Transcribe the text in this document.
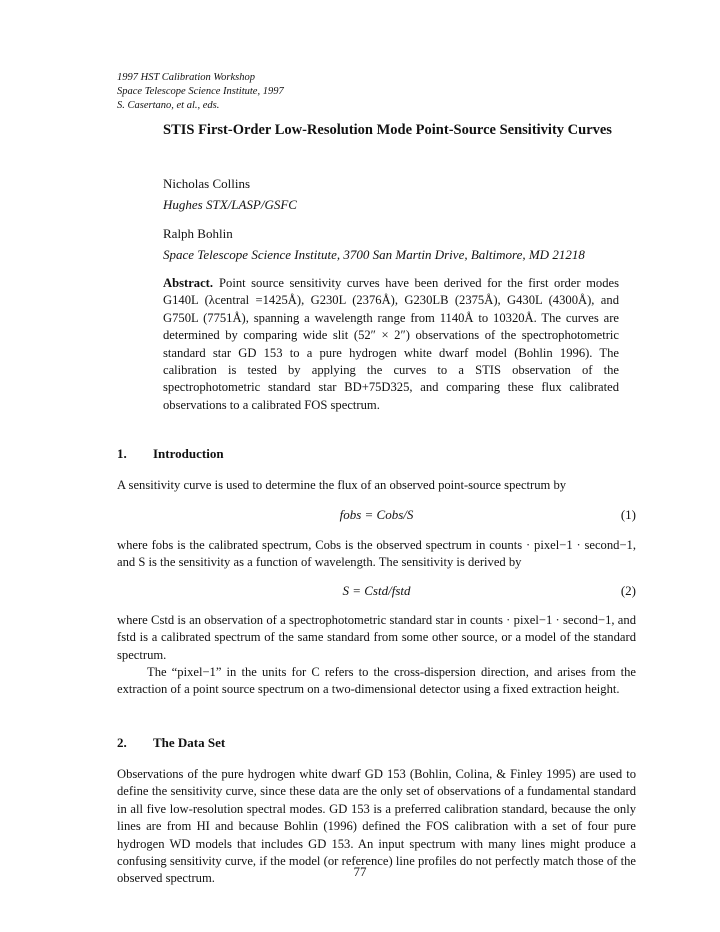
1997 HST Calibration Workshop
Space Telescope Science Institute, 1997
S. Casertano, et al., eds.
STIS First-Order Low-Resolution Mode Point-Source Sensitivity Curves
Nicholas Collins
Hughes STX/LASP/GSFC
Ralph Bohlin
Space Telescope Science Institute, 3700 San Martin Drive, Baltimore, MD 21218
Abstract. Point source sensitivity curves have been derived for the first order modes G140L (λcentral =1425Å), G230L (2376Å), G230LB (2375Å), G430L (4300Å), and G750L (7751Å), spanning a wavelength range from 1140Å to 10320Å. The curves are determined by comparing wide slit (52″ × 2″) observations of the spectrophotometric standard star GD 153 to a pure hydrogen white dwarf model (Bohlin 1996). The calibration is tested by applying the curves to a STIS observation of the spectrophotometric standard star BD+75D325, and comparing these flux calibrated observations to a calibrated FOS spectrum.
1. Introduction
A sensitivity curve is used to determine the flux of an observed point-source spectrum by
fobs = Cobs/S	(1)
where fobs is the calibrated spectrum, Cobs is the observed spectrum in counts · pixel−1 · second−1, and S is the sensitivity as a function of wavelength. The sensitivity is derived by
S = Cstd/fstd	(2)
where Cstd is an observation of a spectrophotometric standard star in counts · pixel−1 · second−1, and fstd is a calibrated spectrum of the same standard from some other source, or a model of the standard spectrum.
The “pixel−1” in the units for C refers to the cross-dispersion direction, and arises from the extraction of a point source spectrum on a two-dimensional detector using a fixed extraction height.
2. The Data Set
Observations of the pure hydrogen white dwarf GD 153 (Bohlin, Colina, & Finley 1995) are used to define the sensitivity curve, since these data are the only set of observations of a fundamental standard in all five low-resolution spectral modes. GD 153 is a preferred calibration standard, because the only lines are from HI and because Bohlin (1996) defined the FOS calibration with a set of four pure hydrogen WD models that includes GD 153. An input spectrum with many lines might produce a confusing sensitivity curve, if the model (or reference) line profiles do not perfectly match those of the observed spectrum.	77
